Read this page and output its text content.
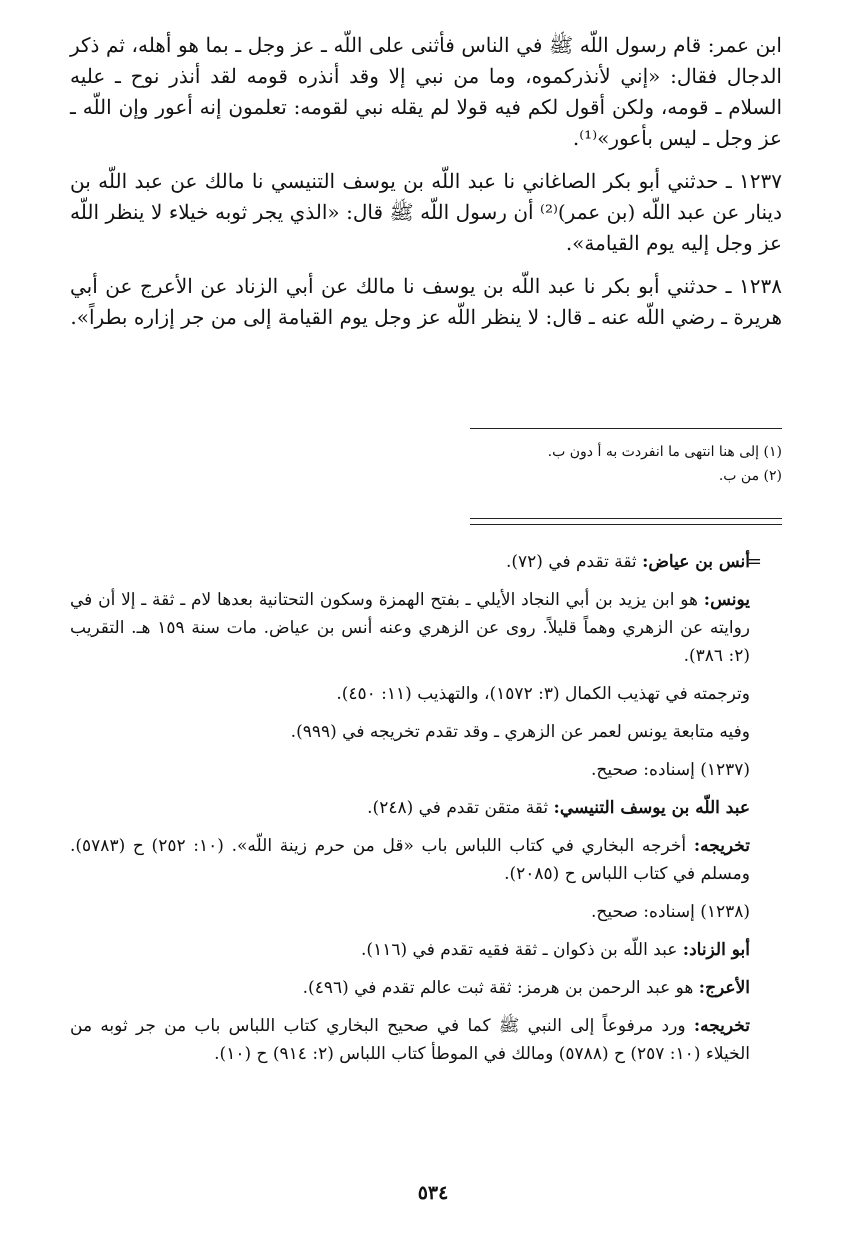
ابن عمر: قام رسول اللّه ﷺ في الناس فأثنى على اللّه ـ عز وجل ـ بما هو أهله، ثم ذكر الدجال فقال: «إني لأنذركموه، وما من نبي إلا وقد أنذره قومه لقد أنذر نوح ـ عليه السلام ـ قومه، ولكن أقول لكم فيه قولا لم يقله نبي لقومه: تعلمون إنه أعور وإن اللّه ـ عز وجل ـ ليس بأعور»⁽¹⁾.

١٢٣٧ ـ حدثني أبو بكر الصاغاني نا عبد اللّه بن يوسف التنيسي نا مالك عن عبد اللّه بن دينار عن عبد اللّه (بن عمر)⁽²⁾ أن رسول اللّه ﷺ قال: «الذي يجر ثوبه خيلاء لا ينظر اللّه عز وجل إليه يوم القيامة».

١٢٣٨ ـ حدثني أبو بكر نا عبد اللّه بن يوسف نا مالك عن أبي الزناد عن الأعرج عن أبي هريرة ـ رضي اللّه عنه ـ قال: لا ينظر اللّه عز وجل يوم القيامة إلى من جر إزاره بطراً».

(١) إلى هنا انتهى ما انفردت به أ دون ب.
(٢) من ب.

=
أنس بن عياض: ثقة تقدم في (٧٢).

يونس: هو ابن يزيد بن أبي النجاد الأيلي ـ بفتح الهمزة وسكون التحتانية بعدها لام ـ ثقة ـ إلا أن في روايته عن الزهري وهماً قليلاً. روى عن الزهري وعنه أنس بن عياض. مات سنة ١٥٩ هـ. التقريب (٢: ٣٨٦).

وترجمته في تهذيب الكمال (٣: ١٥٧٢)، والتهذيب (١١: ٤٥٠).

وفيه متابعة يونس لعمر عن الزهري ـ وقد تقدم تخريجه في (٩٩٩).

(١٢٣٧) إسناده: صحيح.

عبد اللّه بن يوسف التنيسي: ثقة متقن تقدم في (٢٤٨).

تخريجه: أخرجه البخاري في كتاب اللباس باب «قل من حرم زينة اللّه». (١٠: ٢٥٢) ح (٥٧٨٣). ومسلم في كتاب اللباس ح (٢٠٨٥).

(١٢٣٨) إسناده: صحيح.

أبو الزناد: عبد اللّه بن ذكوان ـ ثقة فقيه تقدم في (١١٦).

الأعرج: هو عبد الرحمن بن هرمز: ثقة ثبت عالم تقدم في (٤٩٦).

تخريجه: ورد مرفوعاً إلى النبي ﷺ كما في صحيح البخاري كتاب اللباس باب من جر ثوبه من الخيلاء (١٠: ٢٥٧) ح (٥٧٨٨) ومالك في الموطأ كتاب اللباس (٢: ٩١٤) ح (١٠).

٥٣٤
